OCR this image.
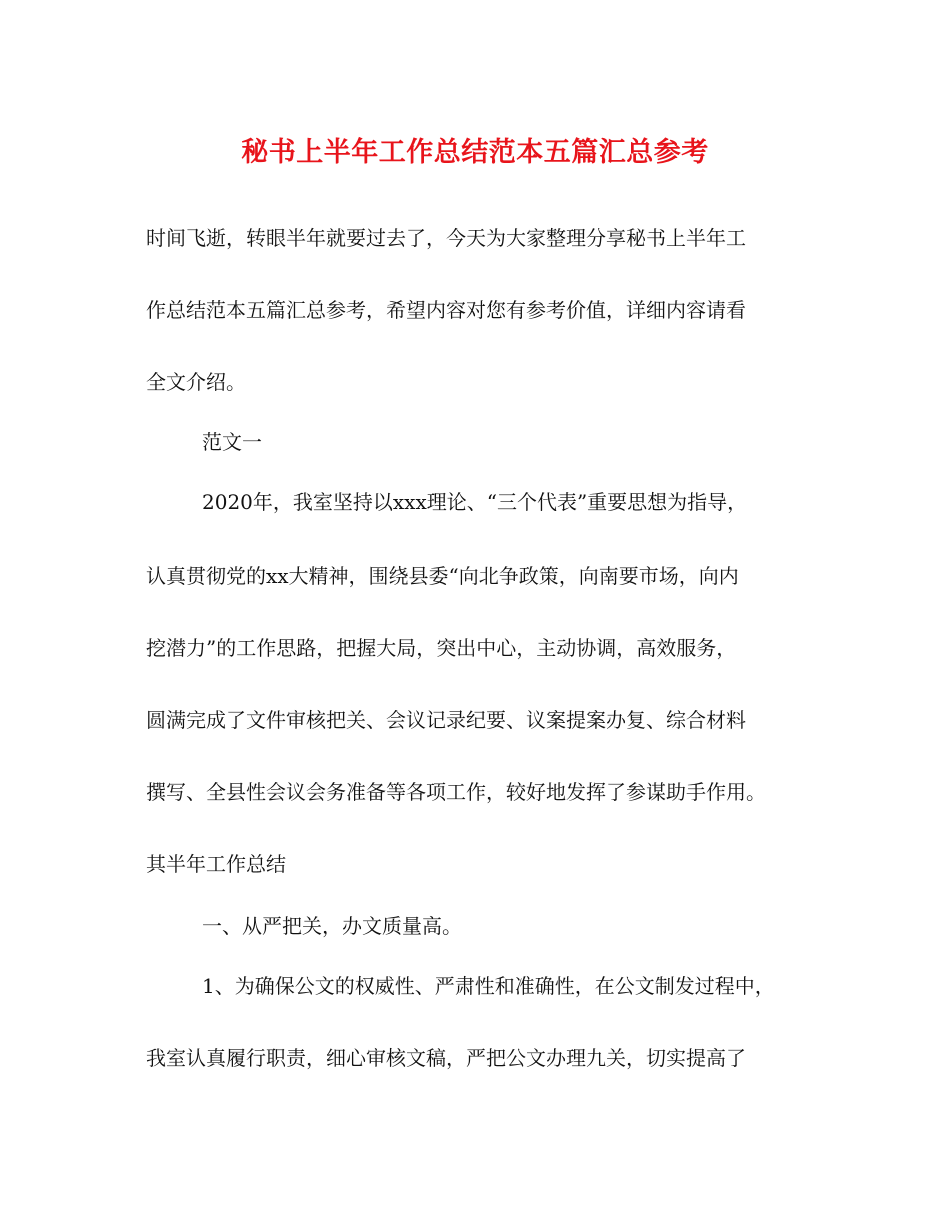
秘书上半年工作总结范本五篇汇总参考
时间飞逝，转眼半年就要过去了，今天为大家整理分享秘书上半年工
作总结范本五篇汇总参考，希望内容对您有参考价值，详细内容请看
全文介绍。
范文一
2020年，我室坚持以xxx理论、“三个代表”重要思想为指导，
认真贯彻党的xx大精神，围绕县委“向北争政策，向南要市场，向内
挖潜力”的工作思路，把握大局，突出中心，主动协调，高效服务，
圆满完成了文件审核把关、会议记录纪要、议案提案办复、综合材料
撰写、全县性会议会务准备等各项工作，较好地发挥了参谋助手作用。
其半年工作总结
一、从严把关，办文质量高。
1、为确保公文的权威性、严肃性和准确性，在公文制发过程中，
我室认真履行职责，细心审核文稿，严把公文办理九关，切实提高了
